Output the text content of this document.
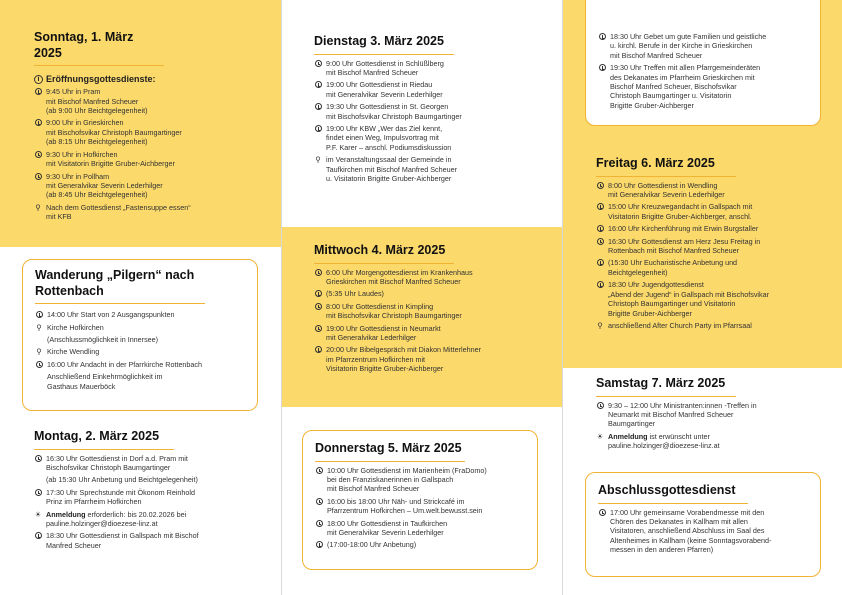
Sonntag, 1. März 2025
i Eröffnungsgottesdienste:
9:45 Uhr in Pram
mit Bischof Manfred Scheuer
(ab 9:00 Uhr Beichtgelegenheit)
9:00 Uhr in Grieskirchen
mit Bischofsvikar Christoph Baumgartinger
(ab 8:15 Uhr Beichtgelegenheit)
9:30 Uhr in Hofkirchen
mit Visitatorin Brigitte Gruber-Aichberger
9:30 Uhr in Pollham
mit Generalvikar Severin Lederhilger
(ab 8:45 Uhr Beichtgelegenheit)
⚲ Nach dem Gottesdienst „Fastensuppe essen“
mit KFB
Wanderung „Pilgern“ nach
Rottenbach
14:00 Uhr Start von 2 Ausgangspunkten
⚲ Kirche Hofkirchen
(Anschlussmöglichkeit in Innersee)
⚲ Kirche Wendling
16:00 Uhr Andacht in der Pfarrkirche Rottenbach
Anschließend Einkehrmöglichkeit im
Gasthaus Mauerböck
Montag, 2. März 2025
16:30 Uhr Gottesdienst in Dorf a.d. Pram mit
Bischofsvikar Christoph Baumgartinger
(ab 15:30 Uhr Anbetung und Beichtgelegenheit)
17:30 Uhr Sprechstunde mit Ökonom Reinhold
Prinz im Pfarrheim Hofkirchen
☀ Anmeldung erforderlich: bis 20.02.2026 bei
pauline.holzinger@dioezese-linz.at
18:30 Uhr Gottesdienst in Gallspach mit Bischof
Manfred Scheuer
Dienstag 3. März 2025
9:00 Uhr Gottesdienst in Schlüßlberg
mit Bischof Manfred Scheuer
19:00 Uhr Gottesdienst in Riedau
mit Generalvikar Severin Lederhilger
19:30 Uhr Gottesdienst in St. Georgen
mit Bischofsvikar Christoph Baumgartinger
19:00 Uhr KBW „Wer das Ziel kennt,
findet einen Weg, Impulsvortrag mit
P.F. Karer – anschl. Podiumsdiskussion
⚲ im Veranstaltungssaal der Gemeinde in
Taufkirchen mit Bischof Manfred Scheuer
u. Visitatorin Brigitte Gruber-Aichberger
Mittwoch 4. März 2025
6:00 Uhr Morgengottesdienst im Krankenhaus
Grieskirchen mit Bischof Manfred Scheuer
(5:35 Uhr Laudes)
8:00 Uhr Gottesdienst in Kimpling
mit Bischofsvikar Christoph Baumgartinger
19:00 Uhr Gottesdienst in Neumarkt
mit Generalvikar Lederhilger
20:00 Uhr Bibelgespräch mit Diakon Mitterlehner
im Pfarrzentrum Hofkirchen mit
Visitatorin Brigitte Gruber-Aichberger
Donnerstag 5. März 2025
10:00 Uhr Gottesdienst im Marienheim (FraDomo)
bei den Franziskanerinnen in Gallspach
mit Bischof Manfred Scheuer
16:00 bis 18:00 Uhr Näh- und Strickcafé im
Pfarrzentrum Hofkirchen – Um.welt.bewusst.sein
18:00 Uhr Gottesdienst in Taufkirchen
mit Generalvikar Severin Lederhilger
(17:00-18:00 Uhr Anbetung)
18:30 Uhr Gebet um gute Familien und geistliche
u. kirchl. Berufe in der Kirche in Grieskirchen
mit Bischof Manfred Scheuer
19:30 Uhr Treffen mit allen Pfarrgemeinderäten
des Dekanates im Pfarrheim Grieskirchen mit
Bischof Manfred Scheuer, Bischofsvikar
Christoph Baumgartinger u. Visitatorin
Brigitte Gruber-Aichberger
Freitag 6. März 2025
8:00 Uhr Gottesdienst in Wendling
mit Generalvikar Severin Lederhilger
15:00 Uhr Kreuzwegandacht in Gallspach mit
Visitatorin Brigitte Gruber-Aichberger, anschl.
16:00 Uhr Kirchenführung mit Erwin Burgstaller
16:30 Uhr Gottesdienst am Herz Jesu Freitag in
Rottenbach mit Bischof Manfred Scheuer
(15:30 Uhr Eucharistische Anbetung und
Beichtgelegenheit)
18:30 Uhr Jugendgottesdienst
„Abend der Jugend“ in Gallspach mit Bischofsvikar
Christoph Baumgartinger und Visitatorin
Brigitte Gruber-Aichberger
⚲ anschließend After Church Party im Pfarrsaal
Samstag 7. März 2025
9:30 – 12:00 Uhr Ministranten:innen -Treffen in
Neumarkt mit Bischof Manfred Scheuer
Baumgartinger
☀ Anmeldung ist erwünscht unter
pauline.holzinger@dioezese-linz.at
Abschlussgottesdienst
17:00 Uhr gemeinsame Vorabendmesse mit den
Chören des Dekanates in Kallham mit allen
Visitatoren, anschließend Abschluss im Saal des
Altenheimes in Kallham (keine Sonntagsvorabend-
messen in den anderen Pfarren)
